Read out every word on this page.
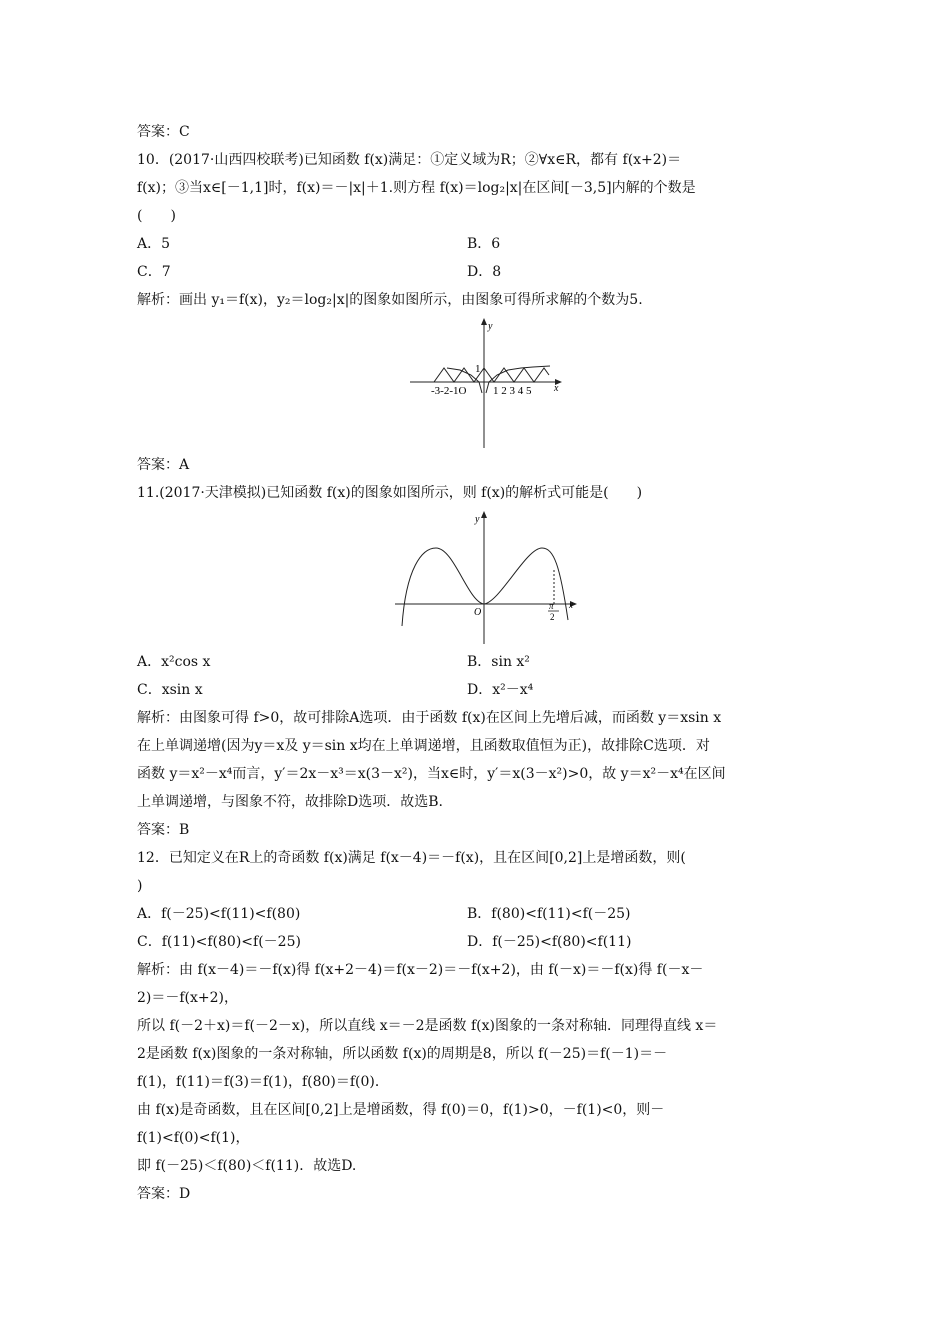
答案：C
10．(2017·山西四校联考)已知函数 f(x)满足：①定义域为R；②∀x∈R，都有 f(x+2)＝
f(x)；③当x∈[－1,1]时，f(x)＝－|x|＋1.则方程 f(x)＝log₂|x|在区间[－3,5]内解的个数是
(　　)
A．5	B．6
C．7	D．8
解析：画出 y₁＝f(x)，y₂＝log₂|x|的图象如图所示，由图象可得所求解的个数为5.
y
x
1
-3-2-1O 1 2 3 4 5
答案：A
11.(2017·天津模拟)已知函数 f(x)的图象如图所示，则 f(x)的解析式可能是(　　)
y
x
O
π
2
A．x²cos x	B．sin x²
C．xsin x	D．x²－x⁴
解析：由图象可得 f>0，故可排除A选项．由于函数 f(x)在区间上先增后减，而函数 y＝xsin x
在上单调递增(因为y＝x及 y＝sin x均在上单调递增，且函数取值恒为正)，故排除C选项．对
函数 y＝x²－x⁴而言，y′＝2x－x³＝x(3－x²)，当x∈时，y′＝x(3－x²)>0，故 y＝x²－x⁴在区间
上单调递增，与图象不符，故排除D选项．故选B.
答案：B
12．已知定义在R上的奇函数 f(x)满足 f(x－4)＝－f(x)，且在区间[0,2]上是增函数，则(
)
A．f(－25)<f(11)<f(80)	B．f(80)<f(11)<f(－25)
C．f(11)<f(80)<f(－25)	D．f(－25)<f(80)<f(11)
解析：由 f(x－4)＝－f(x)得 f(x+2－4)＝f(x－2)＝－f(x+2)，由 f(－x)＝－f(x)得 f(－x－
2)＝－f(x+2)，
所以 f(－2＋x)＝f(－2－x)，所以直线 x＝－2是函数 f(x)图象的一条对称轴．同理得直线 x＝
2是函数 f(x)图象的一条对称轴，所以函数 f(x)的周期是8，所以 f(－25)＝f(－1)＝－
f(1)，f(11)＝f(3)＝f(1)，f(80)＝f(0)．
由 f(x)是奇函数，且在区间[0,2]上是增函数，得 f(0)＝0，f(1)>0，－f(1)<0，则－
f(1)<f(0)<f(1)，
即 f(－25)＜f(80)＜f(11)．故选D.
答案：D
